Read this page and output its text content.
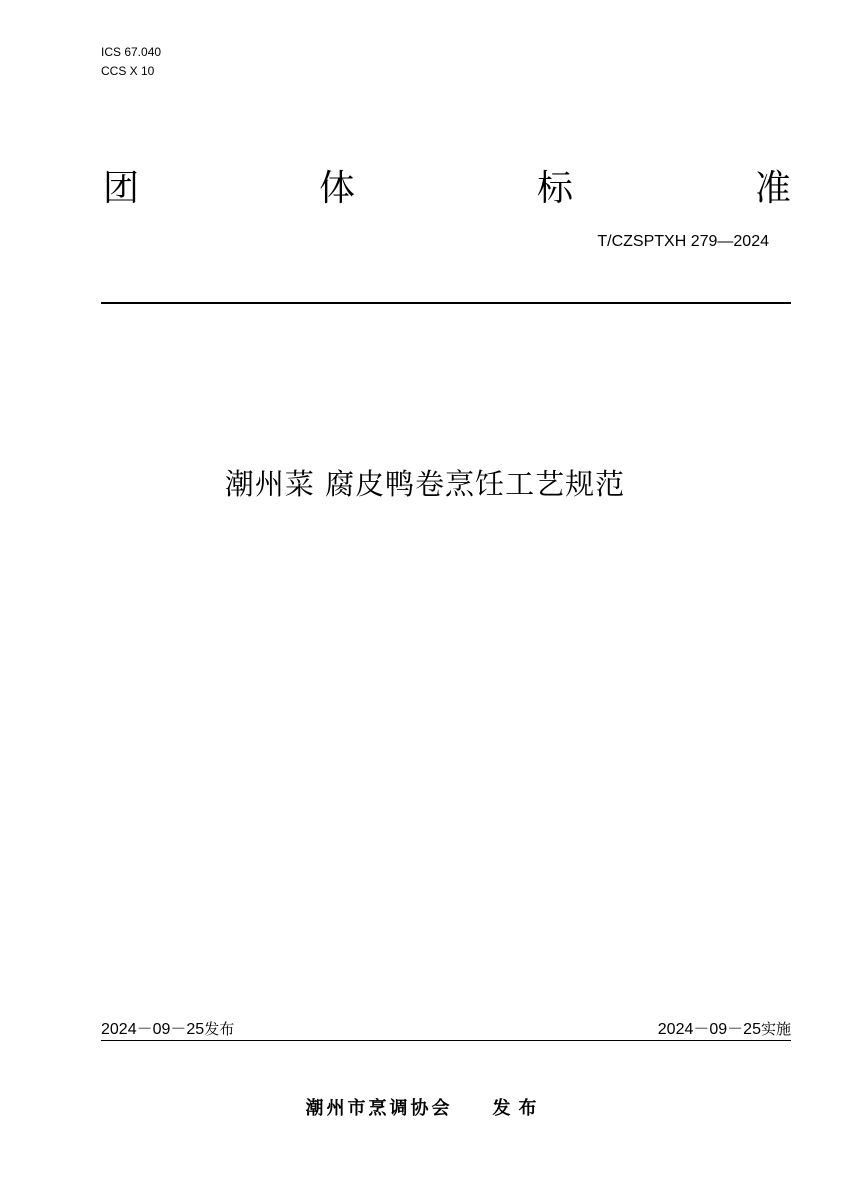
ICS 67.040
CCS X 10
团	体	标	准
T/CZSPTXH 279—2024
潮州菜 腐皮鸭卷烹饪工艺规范
2024－09－25发布	2024－09－25实施
潮州市烹调协会 发布
